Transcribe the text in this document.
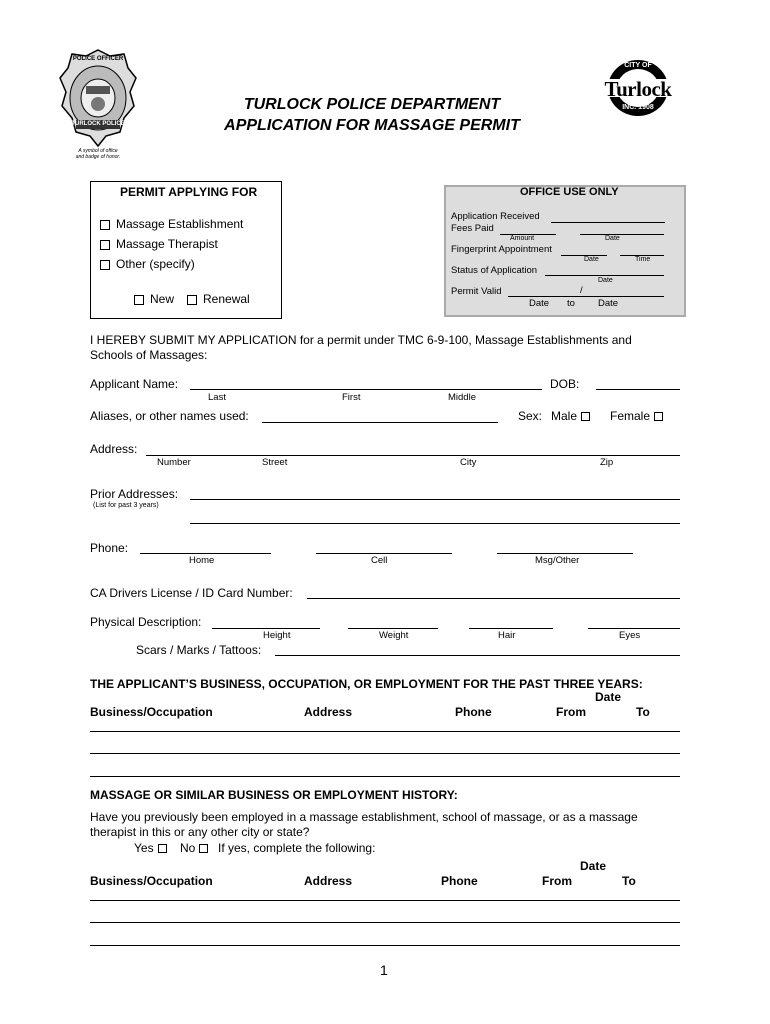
POLICE OFFICER
TURLOCK POLICE
A symbol of office
and badge of honor.
CITY OF
Turlock
INC. 1908
TURLOCK POLICE DEPARTMENT
APPLICATION FOR MASSAGE PERMIT
PERMIT APPLYING FOR
Massage Establishment
Massage Therapist
Other (specify)
New	Renewal
OFFICE USE ONLY
Application Received
Fees Paid
Amount	Date
Fingerprint Appointment
Date	Time
Status of Application
Date
Permit Valid	/
Date to Date
I HEREBY SUBMIT MY APPLICATION for a permit under TMC 6-9-100, Massage Establishments and
Schools of Massages:
Applicant Name:	DOB:
Last	First	Middle
Aliases, or other names used:	Sex: Male	Female
Address:
Number	Street	City	Zip
Prior Addresses:
(List for past 3 years)
Phone:
Home	Cell	Msg/Other
CA Drivers License / ID Card Number:
Physical Description:
Height	Weight	Hair	Eyes
Scars / Marks / Tattoos:
THE APPLICANT’S BUSINESS, OCCUPATION, OR EMPLOYMENT FOR THE PAST THREE YEARS:
Date
Business/Occupation	Address	Phone	From	To
MASSAGE OR SIMILAR BUSINESS OR EMPLOYMENT HISTORY:
Have you previously been employed in a massage establishment, school of massage, or as a massage
therapist in this or any other city or state?
Yes	No	If yes, complete the following:
Date
Business/Occupation	Address	Phone	From	To
1
